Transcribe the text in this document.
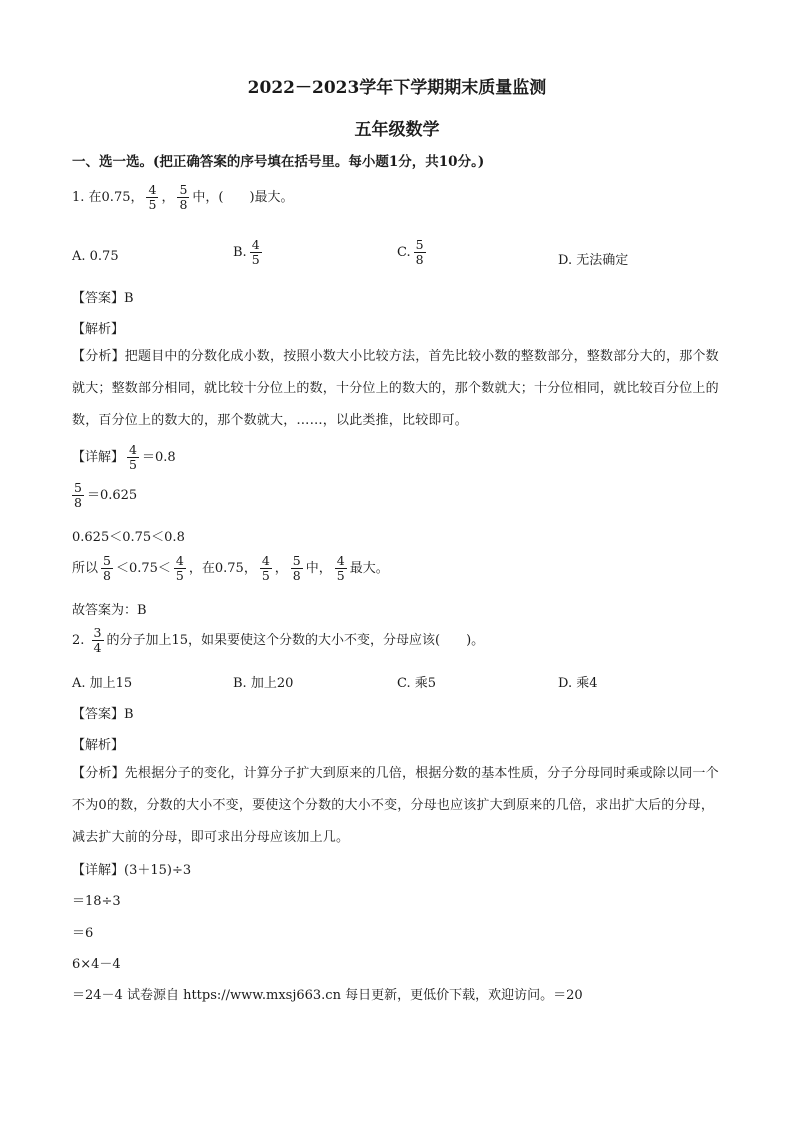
2022－2023学年下学期期末质量监测
五年级数学
一、选一选。(把正确答案的序号填在括号里。每小题1分，共10分。)
1. 在0.75， $\frac{4}{5}$ ， $\frac{5}{8}$ 中，(　　)最大。
A. 0.75	B. $\frac{4}{5}$	C. $\frac{5}{8}$	D. 无法确定
【答案】B
【解析】
【分析】把题目中的分数化成小数，按照小数大小比较方法，首先比较小数的整数部分，整数部分大的，那个数就大；整数部分相同，就比较十分位上的数，十分位上的数大的，那个数就大；十分位相同，就比较百分位上的数，百分位上的数大的，那个数就大，……，以此类推，比较即可。
【详解】 $\frac{4}{5} =0.8$
$\frac{5}{8} =0.625$
0.625＜0.75＜0.8
所以 $\frac{5}{8} <0.75< \frac{4}{5}$ ，在0.75， $\frac{4}{5}$ ， $\frac{5}{8}$ 中， $\frac{4}{5}$ 最大。
故答案为：B
2. $\frac{3}{4}$ 的分子加上15，如果要使这个分数的大小不变，分母应该(　　)。
A. 加上15	B. 加上20	C. 乘5	D. 乘4
【答案】B
【解析】
【分析】先根据分子的变化，计算分子扩大到原来的几倍，根据分数的基本性质，分子分母同时乘或除以同一个不为0的数，分数的大小不变，要使这个分数的大小不变，分母也应该扩大到原来的几倍，求出扩大后的分母，减去扩大前的分母，即可求出分母应该加上几。
【详解】(3＋15)÷3
＝18÷3
＝6
6×4－4
＝24－4 试卷源自 https://www.mxsj663.cn 每日更新，更低价下载，欢迎访问。＝20
